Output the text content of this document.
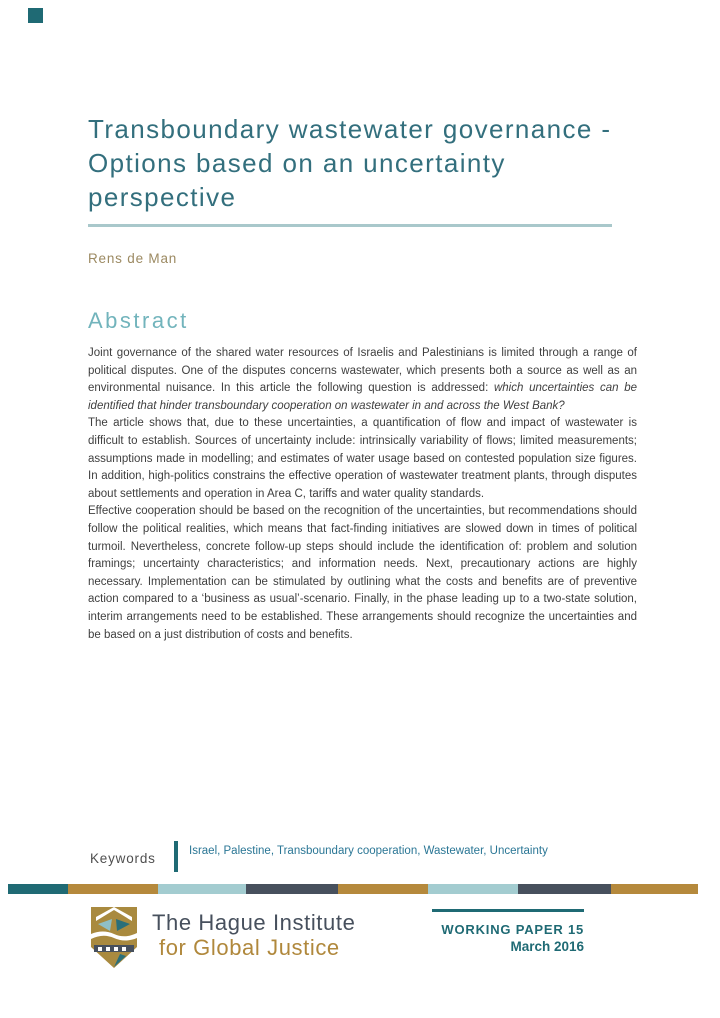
Transboundary wastewater governance -
Options based on an uncertainty
perspective
Rens de Man
Abstract

Joint governance of the shared water resources of Israelis and Palestinians is limited through a range of political disputes. One of the disputes concerns wastewater, which presents both a source as well as an environmental nuisance. In this article the following question is addressed: which uncertainties can be identified that hinder transboundary cooperation on wastewater in and across the West Bank?

The article shows that, due to these uncertainties, a quantification of flow and impact of wastewater is difficult to establish. Sources of uncertainty include: intrinsically variability of flows; limited measurements; assumptions made in modelling; and estimates of water usage based on contested population size figures. In addition, high-politics constrains the effective operation of wastewater treatment plants, through disputes about settlements and operation in Area C, tariffs and water quality standards.

Effective cooperation should be based on the recognition of the uncertainties, but recommendations should follow the political realities, which means that fact-finding initiatives are slowed down in times of political turmoil. Nevertheless, concrete follow-up steps should include the identification of: problem and solution framings; uncertainty characteristics; and information needs. Next, precautionary actions are highly necessary. Implementation can be stimulated by outlining what the costs and benefits are of preventive action compared to a ‘business as usual’-scenario. Finally, in the phase leading up to a two-state solution, interim arrangements need to be established. These arrangements should recognize the uncertainties and be based on a just distribution of costs and benefits.

Keywords	Israel, Palestine, Transboundary cooperation, Wastewater, Uncertainty
The Hague Institute
for Global Justice
WORKING PAPER 15
March 2016
